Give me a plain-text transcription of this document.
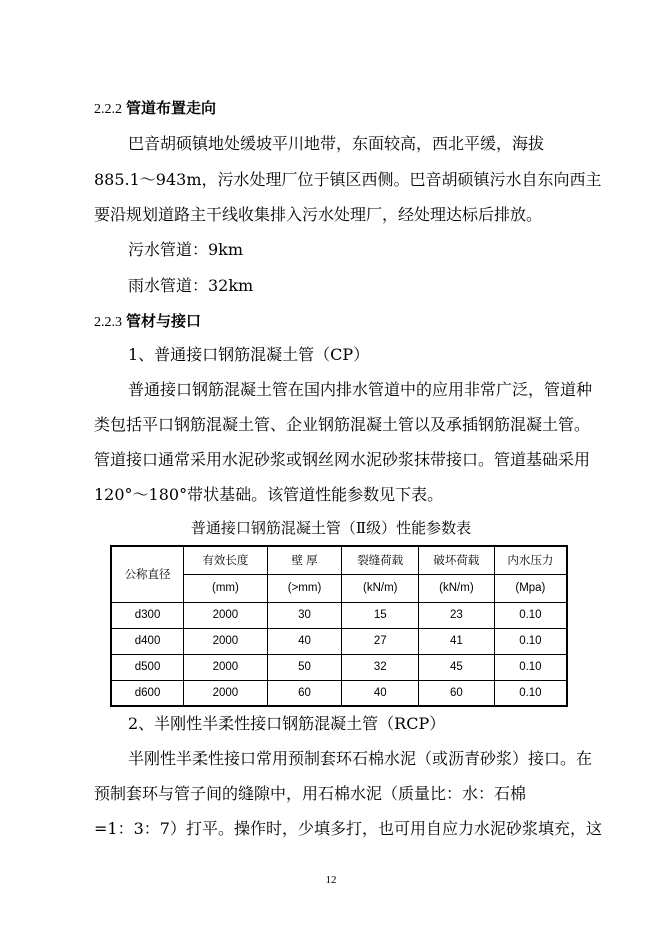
2.2.2 管道布置走向
巴音胡硕镇地处缓坡平川地带，东面较高，西北平缓，海拔
885.1～943m，污水处理厂位于镇区西侧。巴音胡硕镇污水自东向西主
要沿规划道路主干线收集排入污水处理厂，经处理达标后排放。
污水管道：9km
雨水管道：32km
2.2.3 管材与接口
1、普通接口钢筋混凝土管（CP）
普通接口钢筋混凝土管在国内排水管道中的应用非常广泛，管道种
类包括平口钢筋混凝土管、企业钢筋混凝土管以及承插钢筋混凝土管。
管道接口通常采用水泥砂浆或钢丝网水泥砂浆抹带接口。管道基础采用
120°～180°带状基础。该管道性能参数见下表。
普通接口钢筋混凝土管（Ⅱ级）性能参数表
公称直径	有效长度	壁 厚	裂缝荷载	破坏荷载	内水压力
	(mm)	(>mm)	(kN/m)	(kN/m)	(Mpa)
d300	2000	30	15	23	0.10
d400	2000	40	27	41	0.10
d500	2000	50	32	45	0.10
d600	2000	60	40	60	0.10
2、半刚性半柔性接口钢筋混凝土管（RCP）
半刚性半柔性接口常用预制套环石棉水泥（或沥青砂浆）接口。在
预制套环与管子间的缝隙中，用石棉水泥（质量比：水：石棉
=1：3：7）打平。操作时，少填多打，也可用自应力水泥砂浆填充，这
12
